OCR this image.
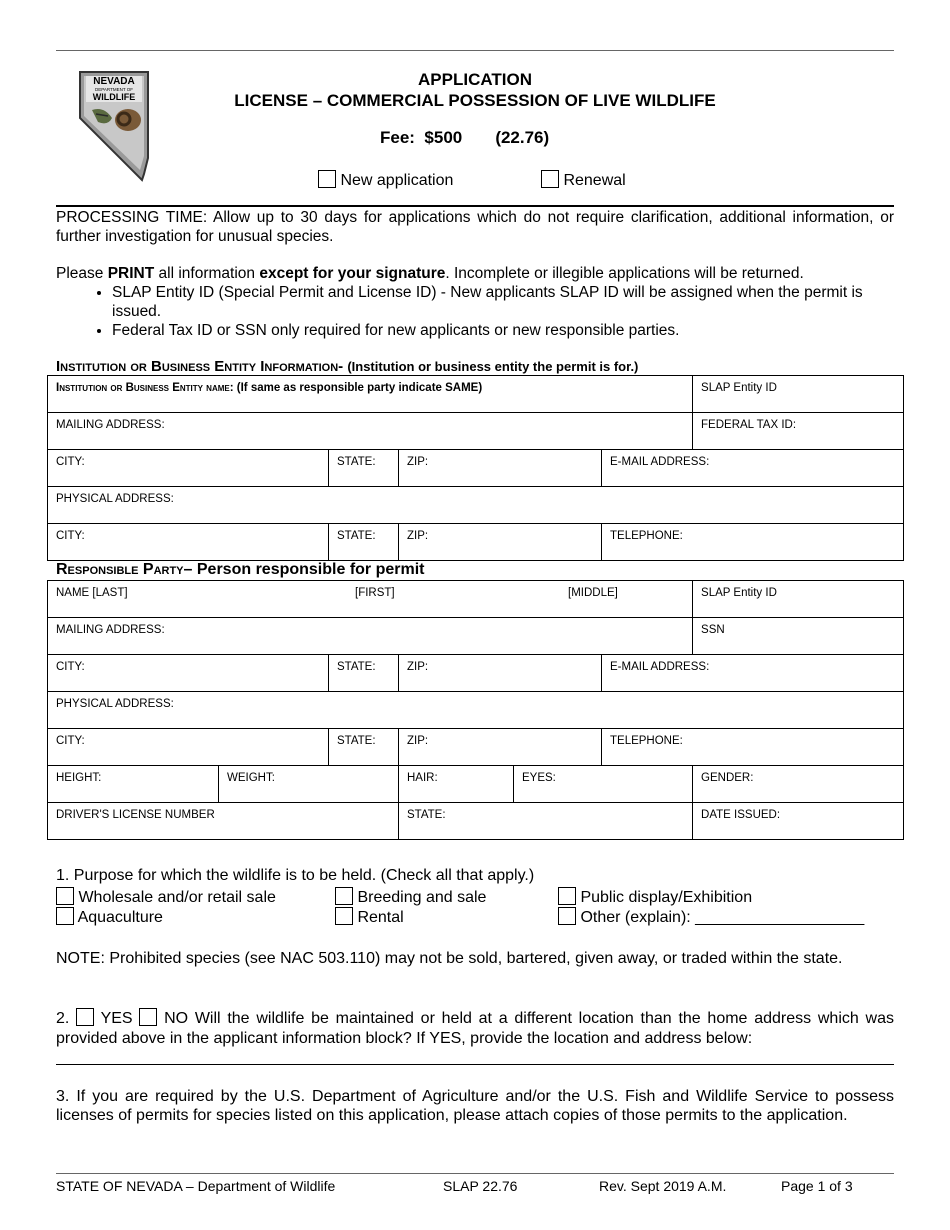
NEVADA
DEPARTMENT OF
WILDLIFE
APPLICATION
LICENSE – COMMERCIAL POSSESSION OF LIVE WILDLIFE
Fee: $500 (22.76)
New application	Renewal
PROCESSING TIME: Allow up to 30 days for applications which do not require clarification, additional information, or further investigation for unusual species.
Please PRINT all information except for your signature. Incomplete or illegible applications will be returned.
• SLAP Entity ID (Special Permit and License ID) - New applicants SLAP ID will be assigned when the permit is issued.
• Federal Tax ID or SSN only required for new applicants or new responsible parties.
Institution or Business Entity Information- (Institution or business entity the permit is for.)
Institution or Business Entity name: (If same as responsible party indicate SAME)				SLAP Entity ID
MAILING ADDRESS:				FEDERAL TAX ID:
CITY:	STATE:	ZIP:	E-MAIL ADDRESS:	
PHYSICAL ADDRESS:				
CITY:	STATE:	ZIP:	TELEPHONE:	
Responsible Party– Person responsible for permit
NAME [LAST] [FIRST] [MIDDLE]						SLAP Entity ID
MAILING ADDRESS:						SSN
CITY:		STATE:	ZIP:		E-MAIL ADDRESS:	
PHYSICAL ADDRESS:						
CITY:		STATE:	ZIP:		TELEPHONE:	
HEIGHT:	WEIGHT:		HAIR:	EYES:		GENDER:
DRIVER'S LICENSE NUMBER			STATE:			DATE ISSUED:
1. Purpose for which the wildlife is to be held. (Check all that apply.)
Wholesale and/or retail sale	Breeding and sale	Public display/Exhibition
Aquaculture	Rental	Other (explain): ___________________
NOTE: Prohibited species (see NAC 503.110) may not be sold, bartered, given away, or traded within the state.
2. YES NO Will the wildlife be maintained or held at a different location than the home address which was provided above in the applicant information block? If YES, provide the location and address below:
3. If you are required by the U.S. Department of Agriculture and/or the U.S. Fish and Wildlife Service to possess licenses of permits for species listed on this application, please attach copies of those permits to the application.
STATE OF NEVADA – Department of Wildlife	SLAP 22.76	Rev. Sept 2019 A.M.	Page 1 of 3
